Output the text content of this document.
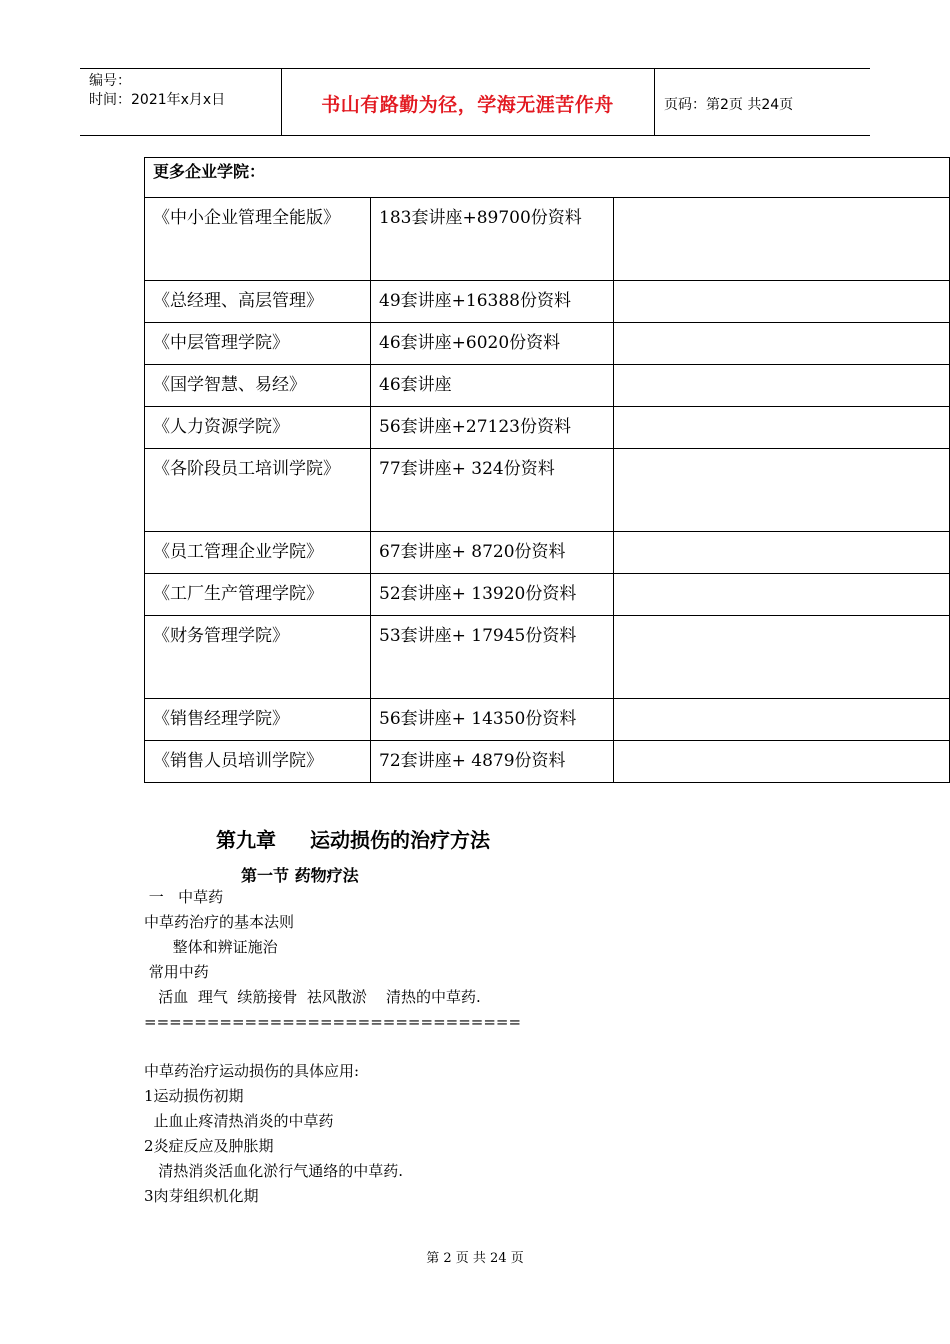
编号：
时间：2021年x月x日	书山有路勤为径，学海无涯苦作舟	页码：第2页 共24页
更多企业学院：		
《中小企业管理全能版》	183套讲座+89700份资料	
《总经理、高层管理》	49套讲座+16388份资料	
《中层管理学院》	46套讲座+6020份资料	
《国学智慧、易经》	46套讲座	
《人力资源学院》	56套讲座+27123份资料	
《各阶段员工培训学院》	77套讲座+ 324份资料	
《员工管理企业学院》	67套讲座+ 8720份资料	
《工厂生产管理学院》	52套讲座+ 13920份资料	
《财务管理学院》	53套讲座+ 17945份资料	
《销售经理学院》	56套讲座+ 14350份资料	
《销售人员培训学院》	72套讲座+ 4879份资料	
第九章 运动损伤的治疗方法
第一节 药物疗法
一   中草药
中草药治疗的基本法则
整体和辨证施治
常用中药
活血  理气  续筋接骨  祛风散淤    清热的中草药.
==============================
中草药治疗运动损伤的具体应用:
1运动损伤初期
止血止疼清热消炎的中草药
2炎症反应及肿胀期
清热消炎活血化淤行气通络的中草药.
3肉芽组织机化期
第 2 页 共 24 页
